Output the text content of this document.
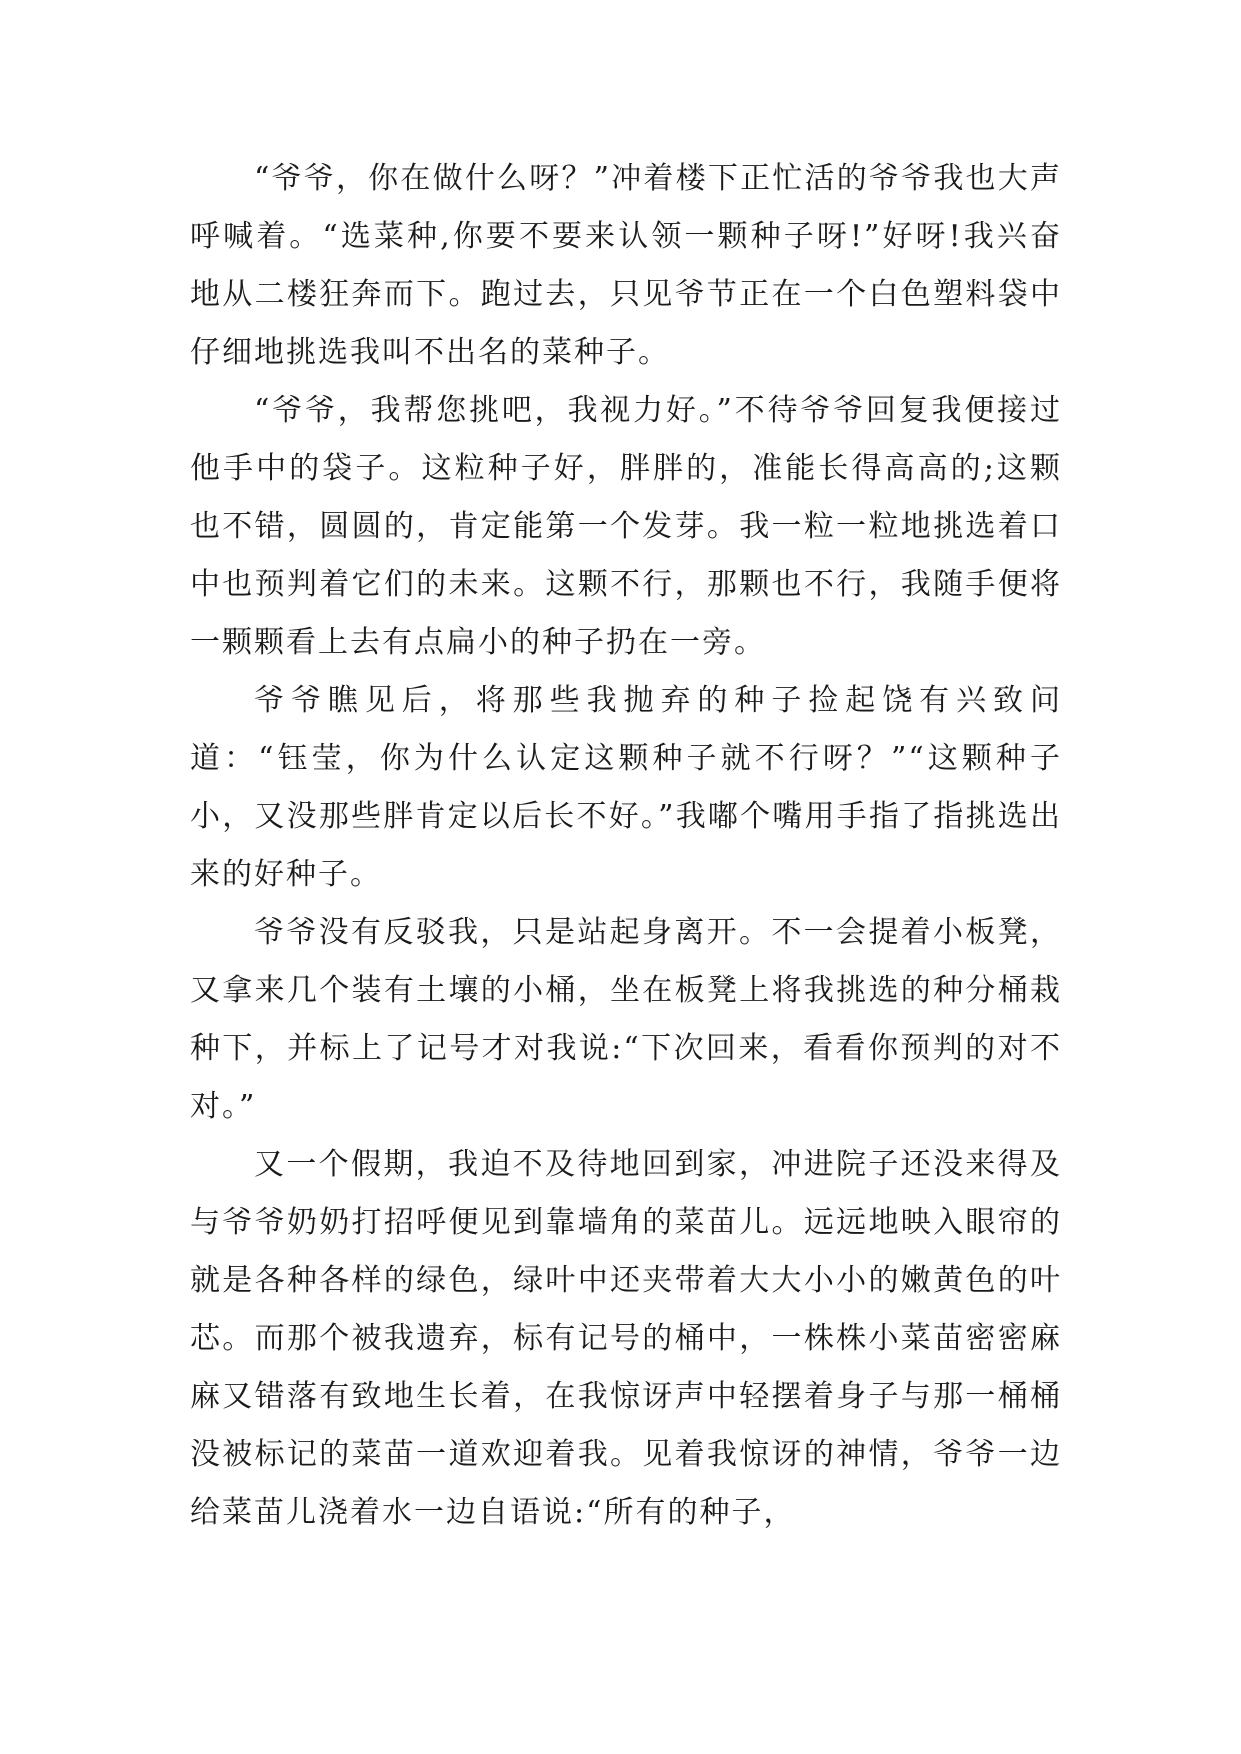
“爷爷，你在做什么呀？”冲着楼下正忙活的爷爷我也大声呼喊着。“选菜种,你要不要来认领一颗种子呀!”好呀!我兴奋地从二楼狂奔而下。跑过去，只见爷节正在一个白色塑料袋中仔细地挑选我叫不出名的菜种子。

“爷爷，我帮您挑吧，我视力好。”不待爷爷回复我便接过他手中的袋子。这粒种子好，胖胖的，准能长得高高的;这颗也不错，圆圆的，肯定能第一个发芽。我一粒一粒地挑选着口中也预判着它们的未来。这颗不行，那颗也不行，我随手便将一颗颗看上去有点扁小的种子扔在一旁。

爷爷瞧见后，将那些我抛弃的种子捡起饶有兴致问道：“钰莹，你为什么认定这颗种子就不行呀？”“这颗种子小，又没那些胖肯定以后长不好。”我嘟个嘴用手指了指挑选出来的好种子。

爷爷没有反驳我，只是站起身离开。不一会提着小板凳，又拿来几个装有土壤的小桶，坐在板凳上将我挑选的种分桶栽种下，并标上了记号才对我说:“下次回来，看看你预判的对不对。”

又一个假期，我迫不及待地回到家，冲进院子还没来得及与爷爷奶奶打招呼便见到靠墙角的菜苗儿。远远地映入眼帘的就是各种各样的绿色，绿叶中还夹带着大大小小的嫩黄色的叶芯。而那个被我遗弃，标有记号的桶中，一株株小菜苗密密麻麻又错落有致地生长着，在我惊讶声中轻摆着身子与那一桶桶没被标记的菜苗一道欢迎着我。见着我惊讶的神情，爷爷一边给菜苗儿浇着水一边自语说:“所有的种子，
